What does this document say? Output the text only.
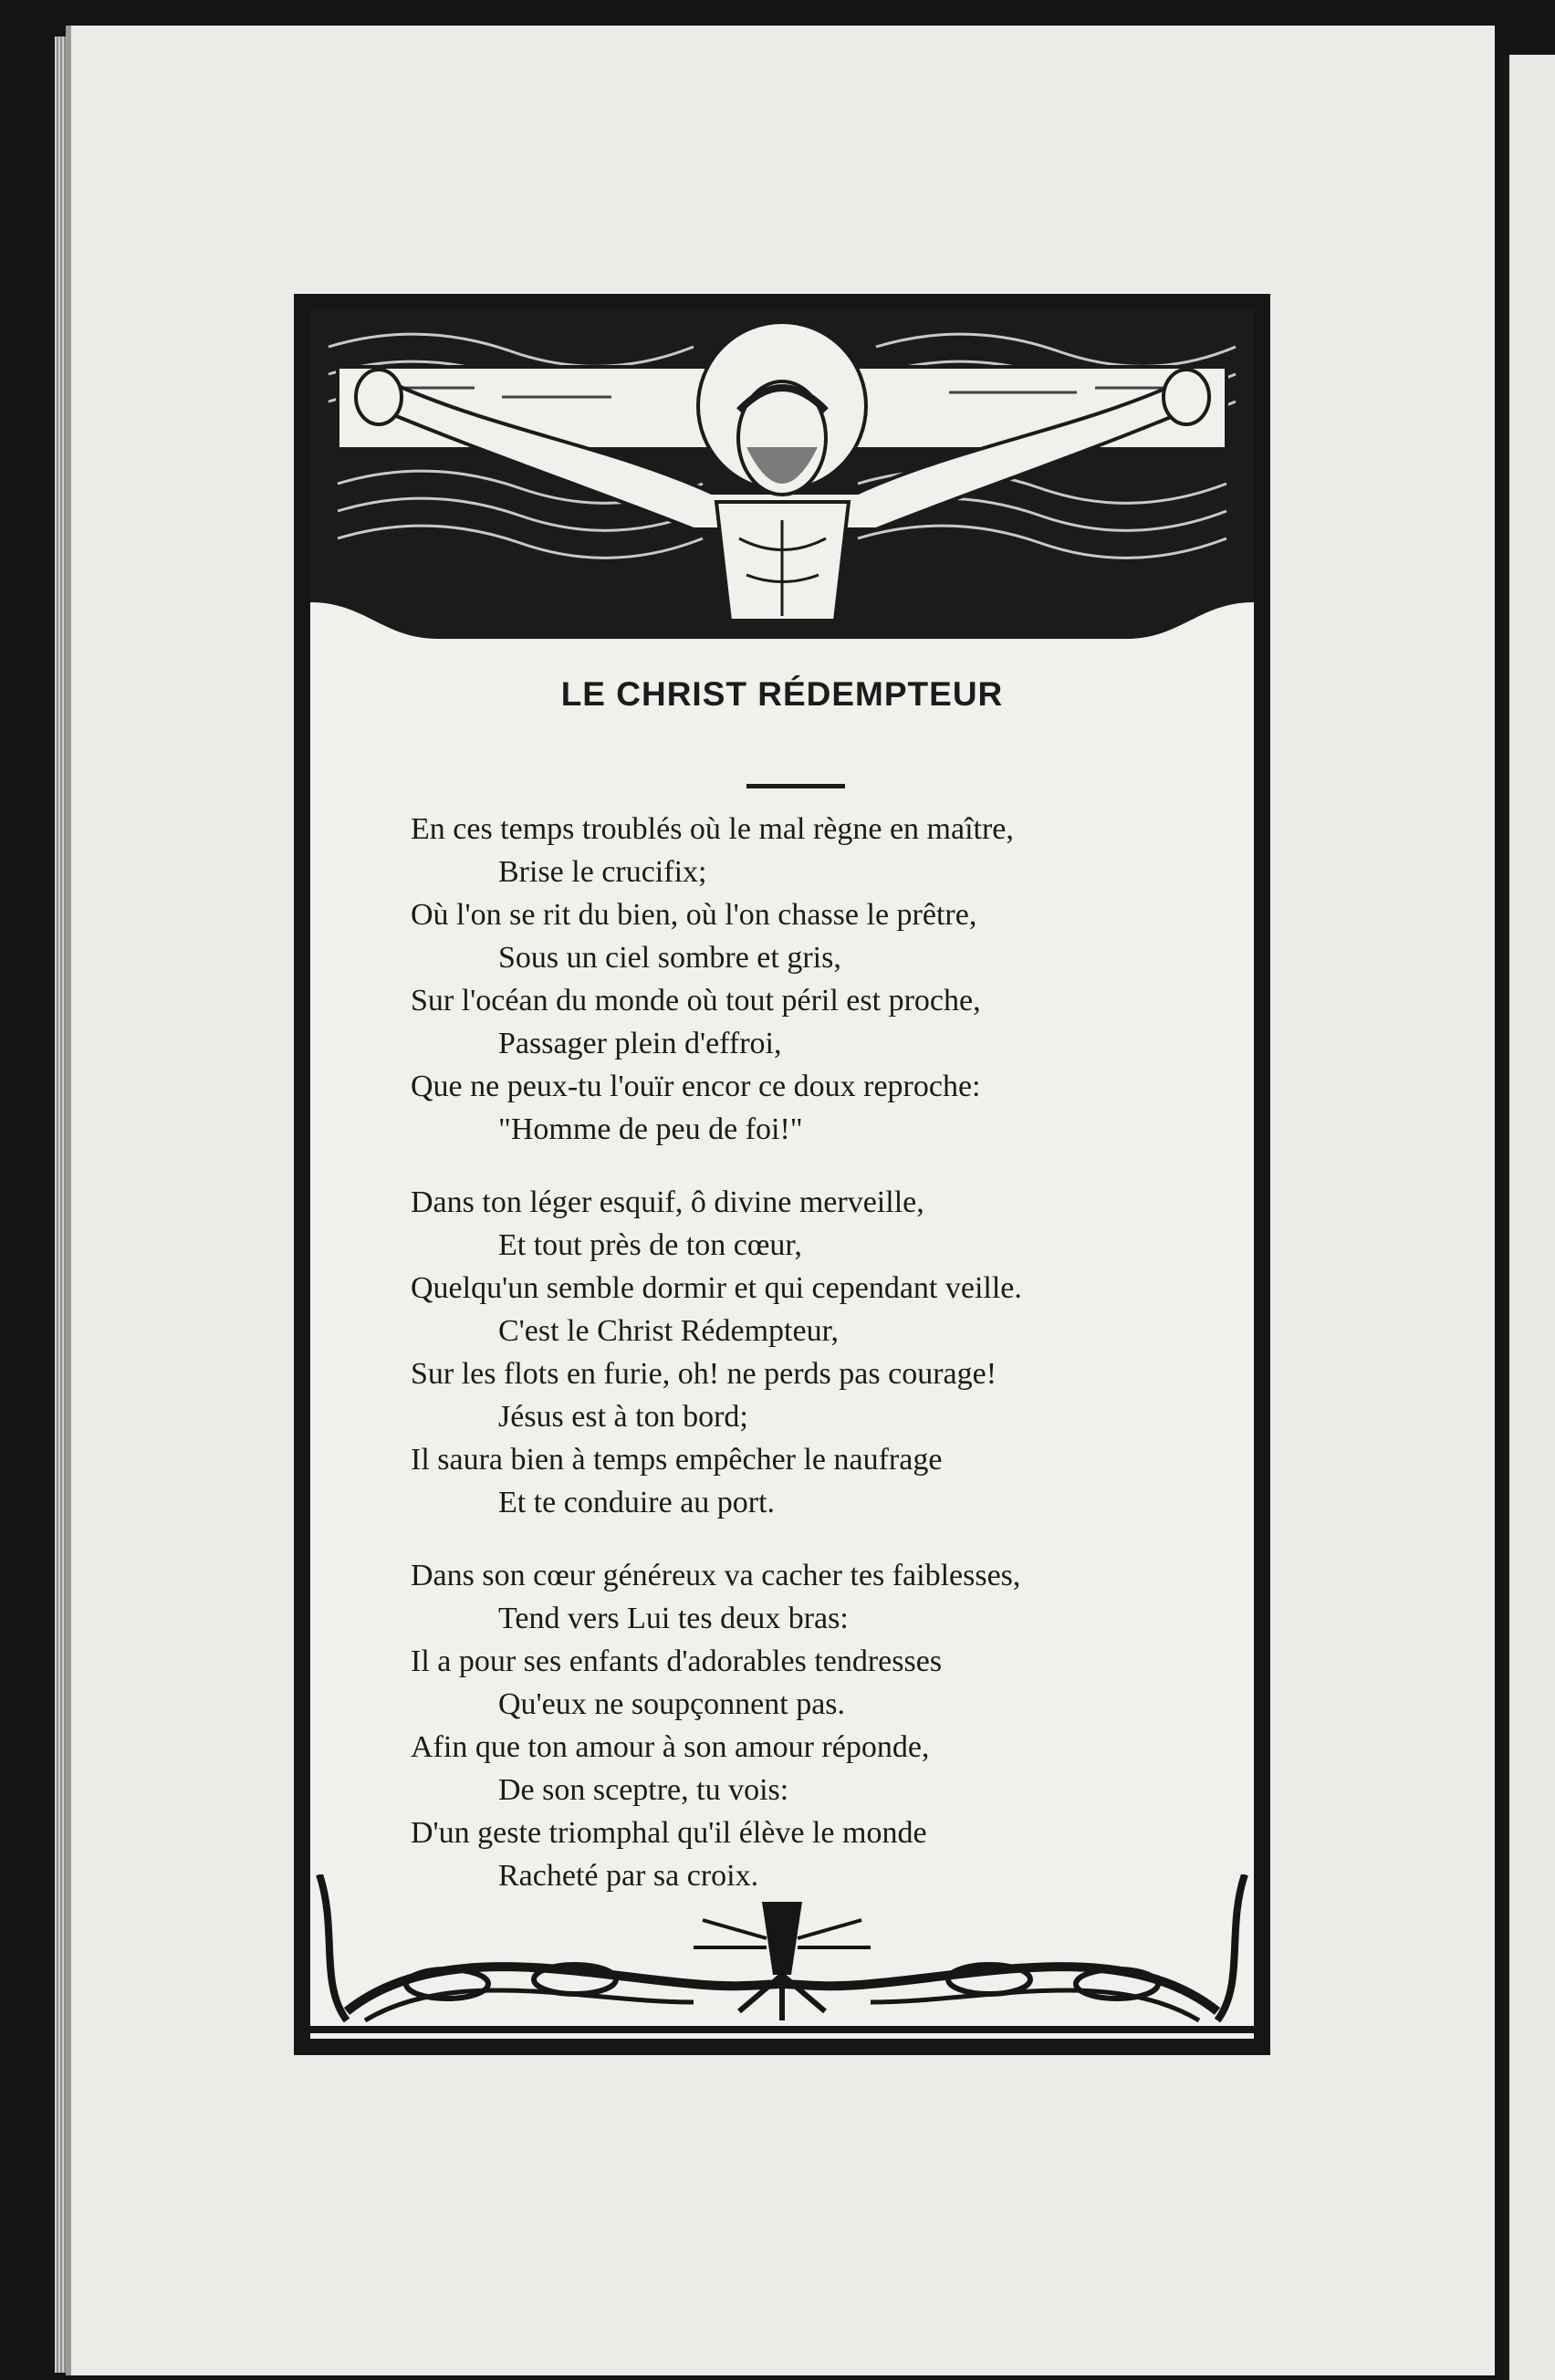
LE CHRIST RÉDEMPTEUR
En ces temps troublés où le mal règne en maître,
Brise le crucifix;
Où l'on se rit du bien, où l'on chasse le prêtre,
Sous un ciel sombre et gris,
Sur l'océan du monde où tout péril est proche,
Passager plein d'effroi,
Que ne peux-tu l'ouïr encor ce doux reproche:
"Homme de peu de foi!"
Dans ton léger esquif, ô divine merveille,
Et tout près de ton cœur,
Quelqu'un semble dormir et qui cependant veille.
C'est le Christ Rédempteur,
Sur les flots en furie, oh! ne perds pas courage!
Jésus est à ton bord;
Il saura bien à temps empêcher le naufrage
Et te conduire au port.
Dans son cœur généreux va cacher tes faiblesses,
Tend vers Lui tes deux bras:
Il a pour ses enfants d'adorables tendresses
Qu'eux ne soupçonnent pas.
Afin que ton amour à son amour réponde,
De son sceptre, tu vois:
D'un geste triomphal qu'il élève le monde
Racheté par sa croix.
